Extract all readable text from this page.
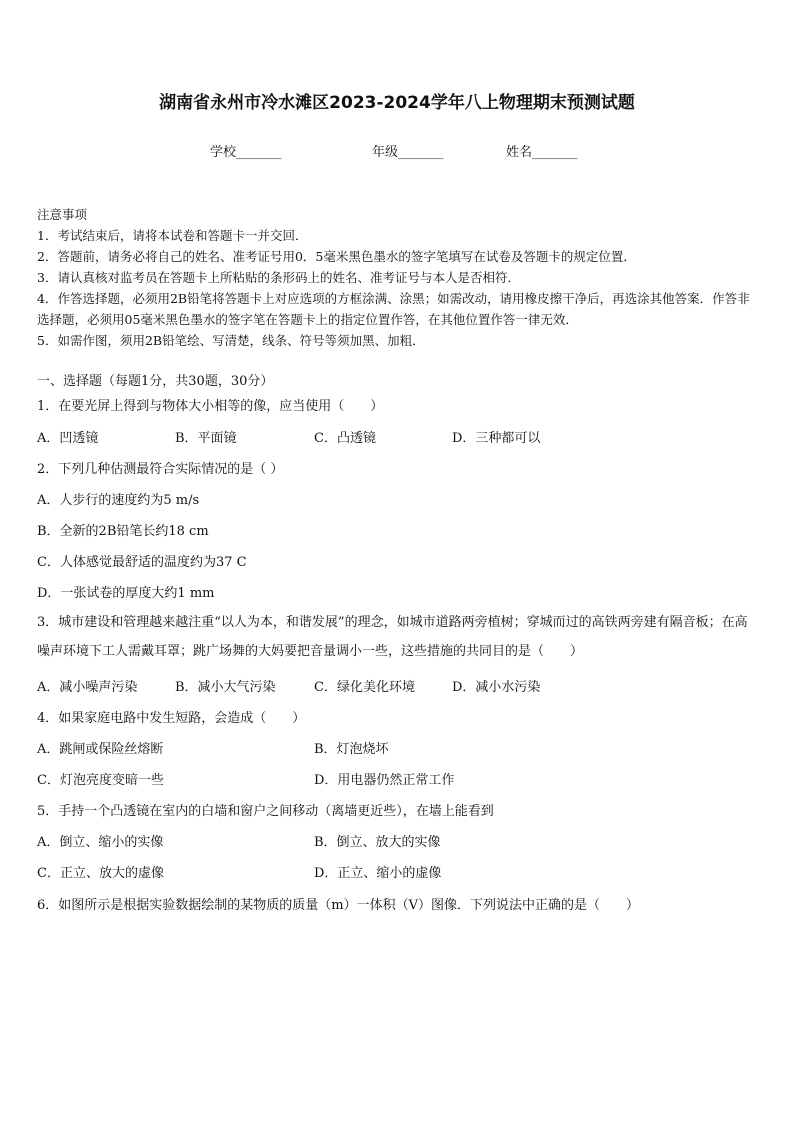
湖南省永州市冷水滩区2023-2024学年八上物理期末预测试题
学校_______	年级_______	姓名_______
注意事项
1．考试结束后，请将本试卷和答题卡一并交回．
2．答题前，请务必将自己的姓名、准考证号用0．5毫米黑色墨水的签字笔填写在试卷及答题卡的规定位置．
3．请认真核对监考员在答题卡上所粘贴的条形码上的姓名、准考证号与本人是否相符．
4．作答选择题，必须用2B铅笔将答题卡上对应选项的方框涂满、涂黑；如需改动，请用橡皮擦干净后，再选涂其他答案．作答非选择题，必须用05毫米黑色墨水的签字笔在答题卡上的指定位置作答，在其他位置作答一律无效．
5．如需作图，须用2B铅笔绘、写清楚，线条、符号等须加黑、加粗．
一、选择题（每题1分，共30题，30分）
1．在要光屏上得到与物体大小相等的像，应当使用（　　）
A．凹透镜	B．平面镜	C．凸透镜	D．三种都可以
2．下列几种估测最符合实际情况的是（ ）
A．人步行的速度约为5 m/s
B．全新的2B铅笔长约18 cm
C．人体感觉最舒适的温度约为37 C
D．一张试卷的厚度大约1 mm
3．城市建设和管理越来越注重“以人为本，和谐发展”的理念，如城市道路两旁植树；穿城而过的高铁两旁建有隔音板；在高噪声环境下工人需戴耳罩；跳广场舞的大妈要把音量调小一些，这些措施的共同目的是（　　）
A．减小噪声污染	B．减小大气污染	C．绿化美化环境	D．减小水污染
4．如果家庭电路中发生短路，会造成（　　）
A．跳闸或保险丝熔断	B．灯泡烧坏
C．灯泡亮度变暗一些	D．用电器仍然正常工作
5．手持一个凸透镜在室内的白墙和窗户之间移动（离墙更近些），在墙上能看到
A．倒立、缩小的实像	B．倒立、放大的实像
C．正立、放大的虚像	D．正立、缩小的虚像
6．如图所示是根据实验数据绘制的某物质的质量（m）一体积（V）图像．下列说法中正确的是（　　）
